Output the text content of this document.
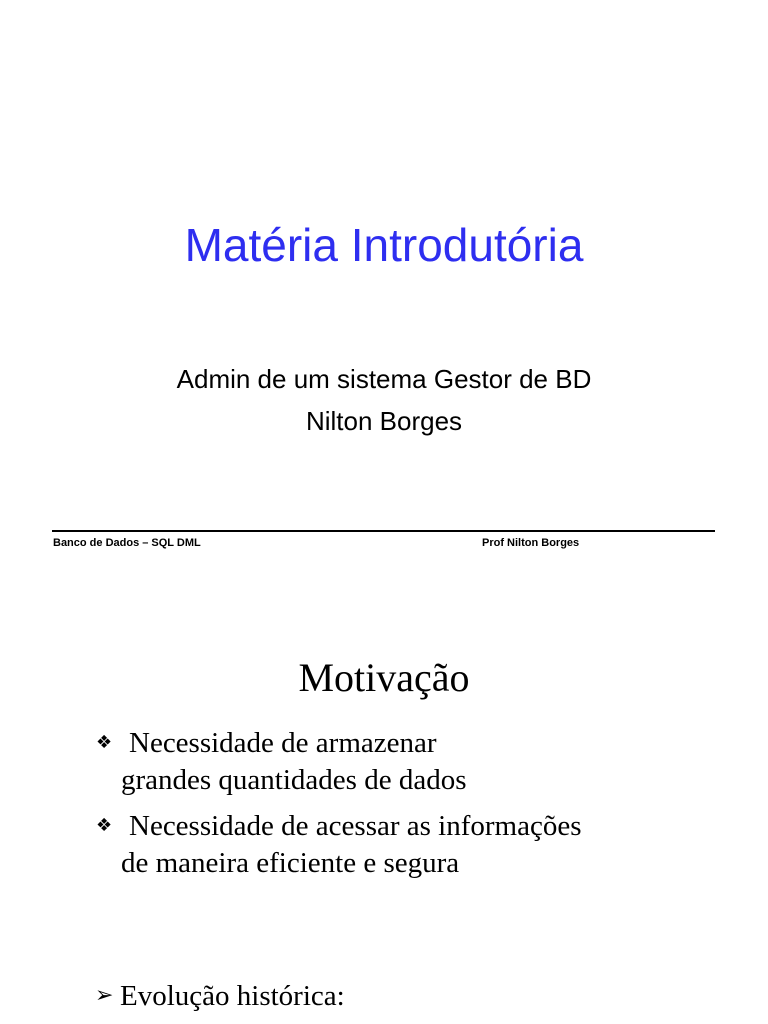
Matéria Introdutória
Admin de um sistema Gestor de BD
Nilton Borges
Banco de Dados – SQL DML	Prof Nilton Borges
Motivação
❖ Necessidade de armazenar
grandes quantidades de dados
❖ Necessidade de acessar as informações
de maneira eficiente e segura
➢ Evolução histórica:
